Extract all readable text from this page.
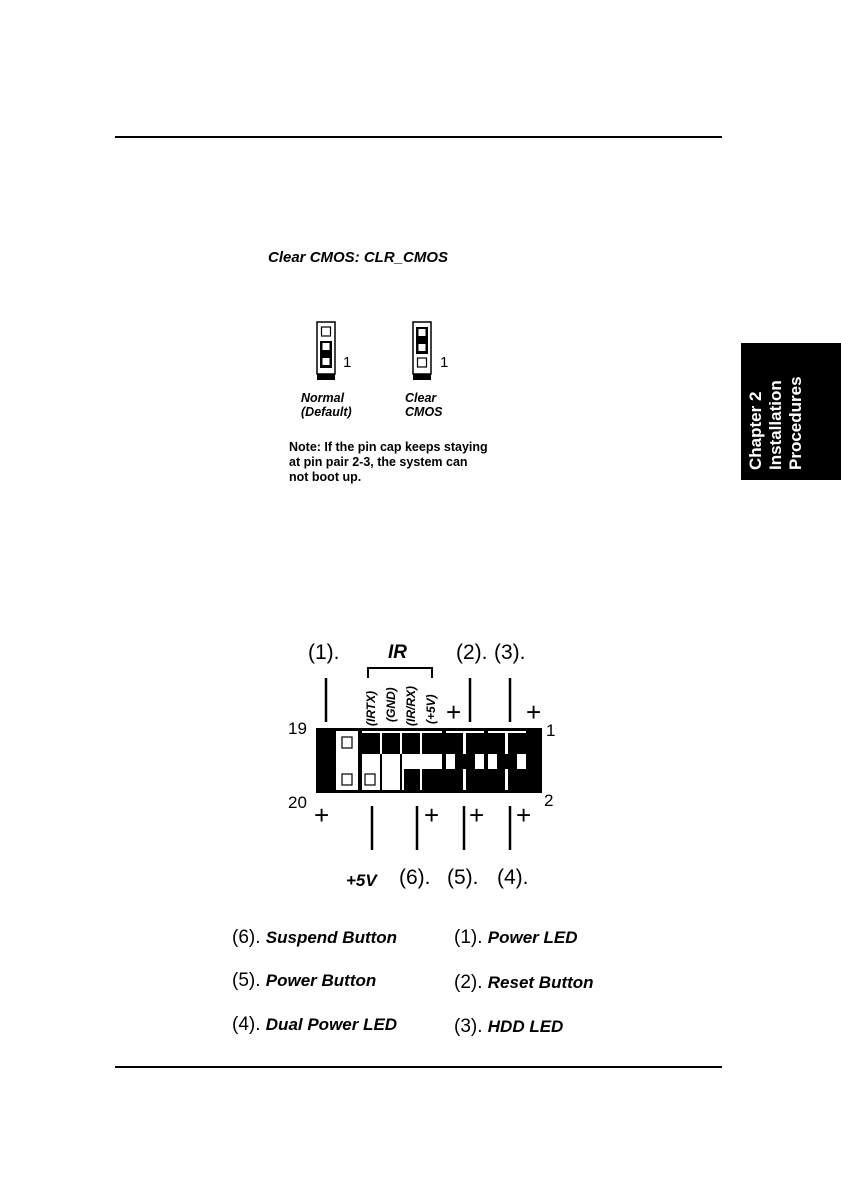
Chapter 2 Installation Procedures
Clear CMOS: CLR_CMOS
1	1
Normal
(Default)
Clear
CMOS
Note: If the pin cap keeps staying
at pin pair 2-3, the system can
not boot up.
(1).	(2). (3).
IR
(IRTX) (GND) (IR/RX) (+5V)
19	1
20	2
+ +
+	+ + +
+5V (6). (5). (4).
(6). Suspend Button
(5). Power Button
(4). Dual Power LED
(1). Power LED
(2). Reset Button
(3). HDD LED
